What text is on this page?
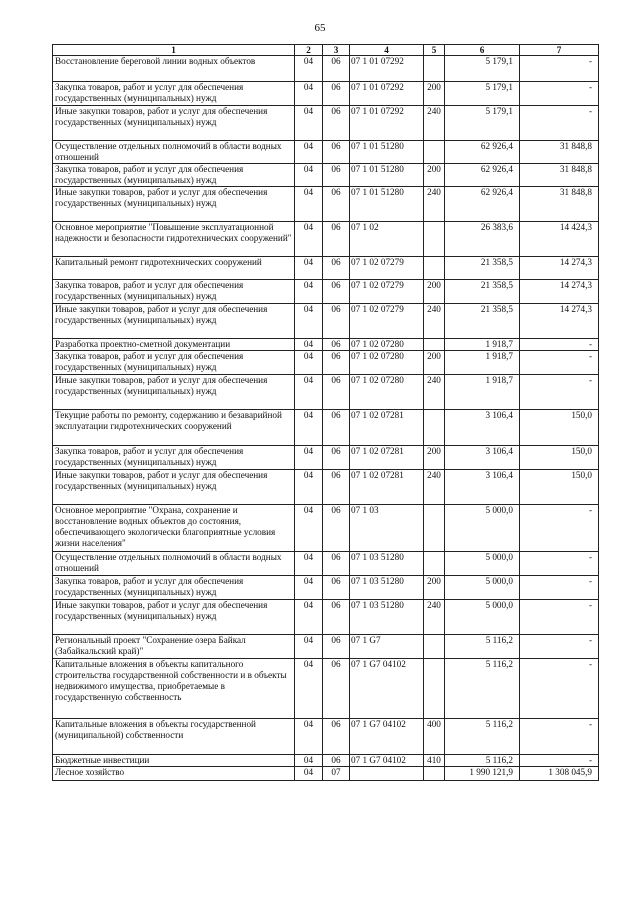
65
1	2	3	4	5	6	7
Восстановление береговой линии водных объектов	04	06	07 1 01 07292		5 179,1	-
Закупка товаров, работ и услуг для обеспечения государственных (муниципальных) нужд	04	06	07 1 01 07292	200	5 179,1	-
Иные закупки товаров, работ и услуг для обеспечения государственных (муниципальных) нужд	04	06	07 1 01 07292	240	5 179,1	-
Осуществление отдельных полномочий в области водных отношений	04	06	07 1 01 51280		62 926,4	31 848,8
Закупка товаров, работ и услуг для обеспечения государственных (муниципальных) нужд	04	06	07 1 01 51280	200	62 926,4	31 848,8
Иные закупки товаров, работ и услуг для обеспечения государственных (муниципальных) нужд	04	06	07 1 01 51280	240	62 926,4	31 848,8
Основное мероприятие "Повышение эксплуатационной надежности и безопасности гидротехнических сооружений"	04	06	07 1 02		26 383,6	14 424,3
Капитальный ремонт гидротехнических сооружений	04	06	07 1 02 07279		21 358,5	14 274,3
Закупка товаров, работ и услуг для обеспечения государственных (муниципальных) нужд	04	06	07 1 02 07279	200	21 358,5	14 274,3
Иные закупки товаров, работ и услуг для обеспечения государственных (муниципальных) нужд	04	06	07 1 02 07279	240	21 358,5	14 274,3
Разработка проектно-сметной документации	04	06	07 1 02 07280		1 918,7	-
Закупка товаров, работ и услуг для обеспечения государственных (муниципальных) нужд	04	06	07 1 02 07280	200	1 918,7	-
Иные закупки товаров, работ и услуг для обеспечения государственных (муниципальных) нужд	04	06	07 1 02 07280	240	1 918,7	-
Текущие работы по ремонту, содержанию и безаварийной эксплуатации гидротехнических сооружений	04	06	07 1 02 07281		3 106,4	150,0
Закупка товаров, работ и услуг для обеспечения государственных (муниципальных) нужд	04	06	07 1 02 07281	200	3 106,4	150,0
Иные закупки товаров, работ и услуг для обеспечения государственных (муниципальных) нужд	04	06	07 1 02 07281	240	3 106,4	150,0
Основное мероприятие "Охрана, сохранение и восстановление водных объектов до состояния, обеспечивающего экологически благоприятные условия жизни населения"	04	06	07 1 03		5 000,0	-
Осуществление отдельных полномочий в области водных отношений	04	06	07 1 03 51280		5 000,0	-
Закупка товаров, работ и услуг для обеспечения государственных (муниципальных) нужд	04	06	07 1 03 51280	200	5 000,0	-
Иные закупки товаров, работ и услуг для обеспечения государственных (муниципальных) нужд	04	06	07 1 03 51280	240	5 000,0	-
Региональный проект "Сохранение озера Байкал (Забайкальский край)"	04	06	07 1 G7		5 116,2	-
Капитальные вложения в объекты капитального строительства государственной собственности и в объекты недвижимого имущества, приобретаемые в государственную собственность	04	06	07 1 G7 04102		5 116,2	-
Капитальные вложения в объекты государственной (муниципальной) собственности	04	06	07 1 G7 04102	400	5 116,2	-
Бюджетные инвестиции	04	06	07 1 G7 04102	410	5 116,2	-
Лесное хозяйство	04	07			1 990 121,9	1 308 045,9
